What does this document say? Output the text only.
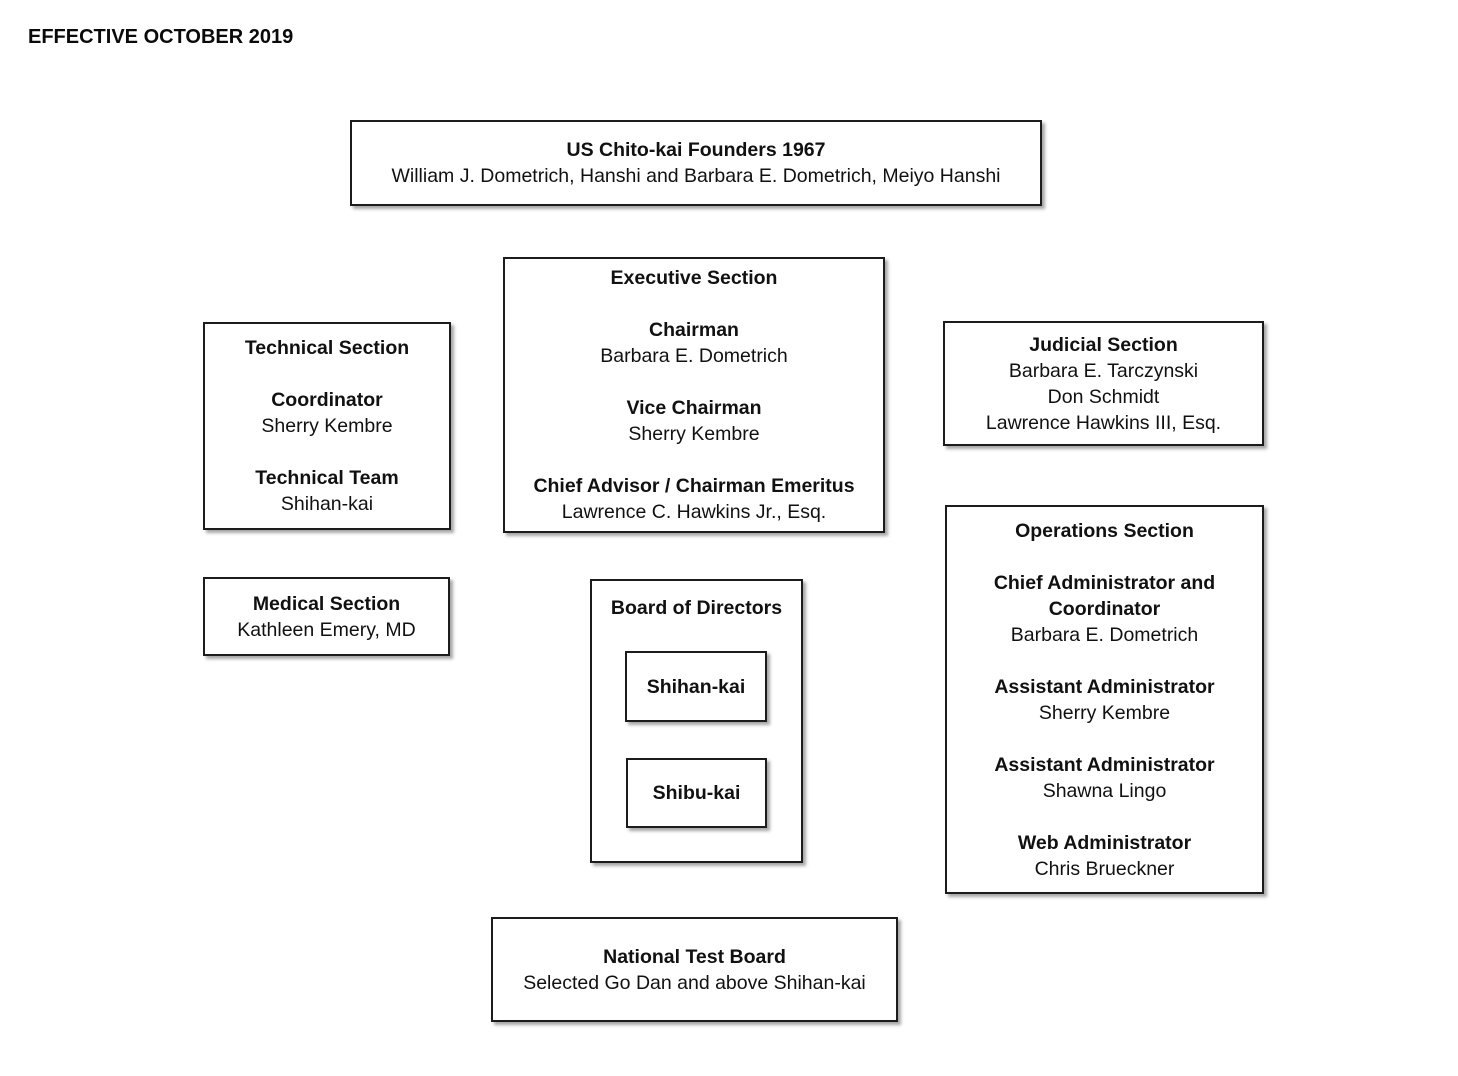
EFFECTIVE OCTOBER 2019
US Chito-kai Founders 1967
William J. Dometrich, Hanshi and Barbara E. Dometrich, Meiyo Hanshi
Executive Section
Chairman
Barbara E. Dometrich
Vice Chairman
Sherry Kembre
Chief Advisor / Chairman Emeritus
Lawrence C. Hawkins Jr., Esq.
Technical Section
Coordinator
Sherry Kembre
Technical Team
Shihan-kai
Judicial Section
Barbara E. Tarczynski
Don Schmidt
Lawrence Hawkins III, Esq.
Medical Section
Kathleen Emery, MD
Operations Section
Chief Administrator and Coordinator
Barbara E. Dometrich
Assistant Administrator
Sherry Kembre
Assistant Administrator
Shawna Lingo
Web Administrator
Chris Brueckner
Board of Directors
Shihan-kai
Shibu-kai
National Test Board
Selected Go Dan and above Shihan-kai
